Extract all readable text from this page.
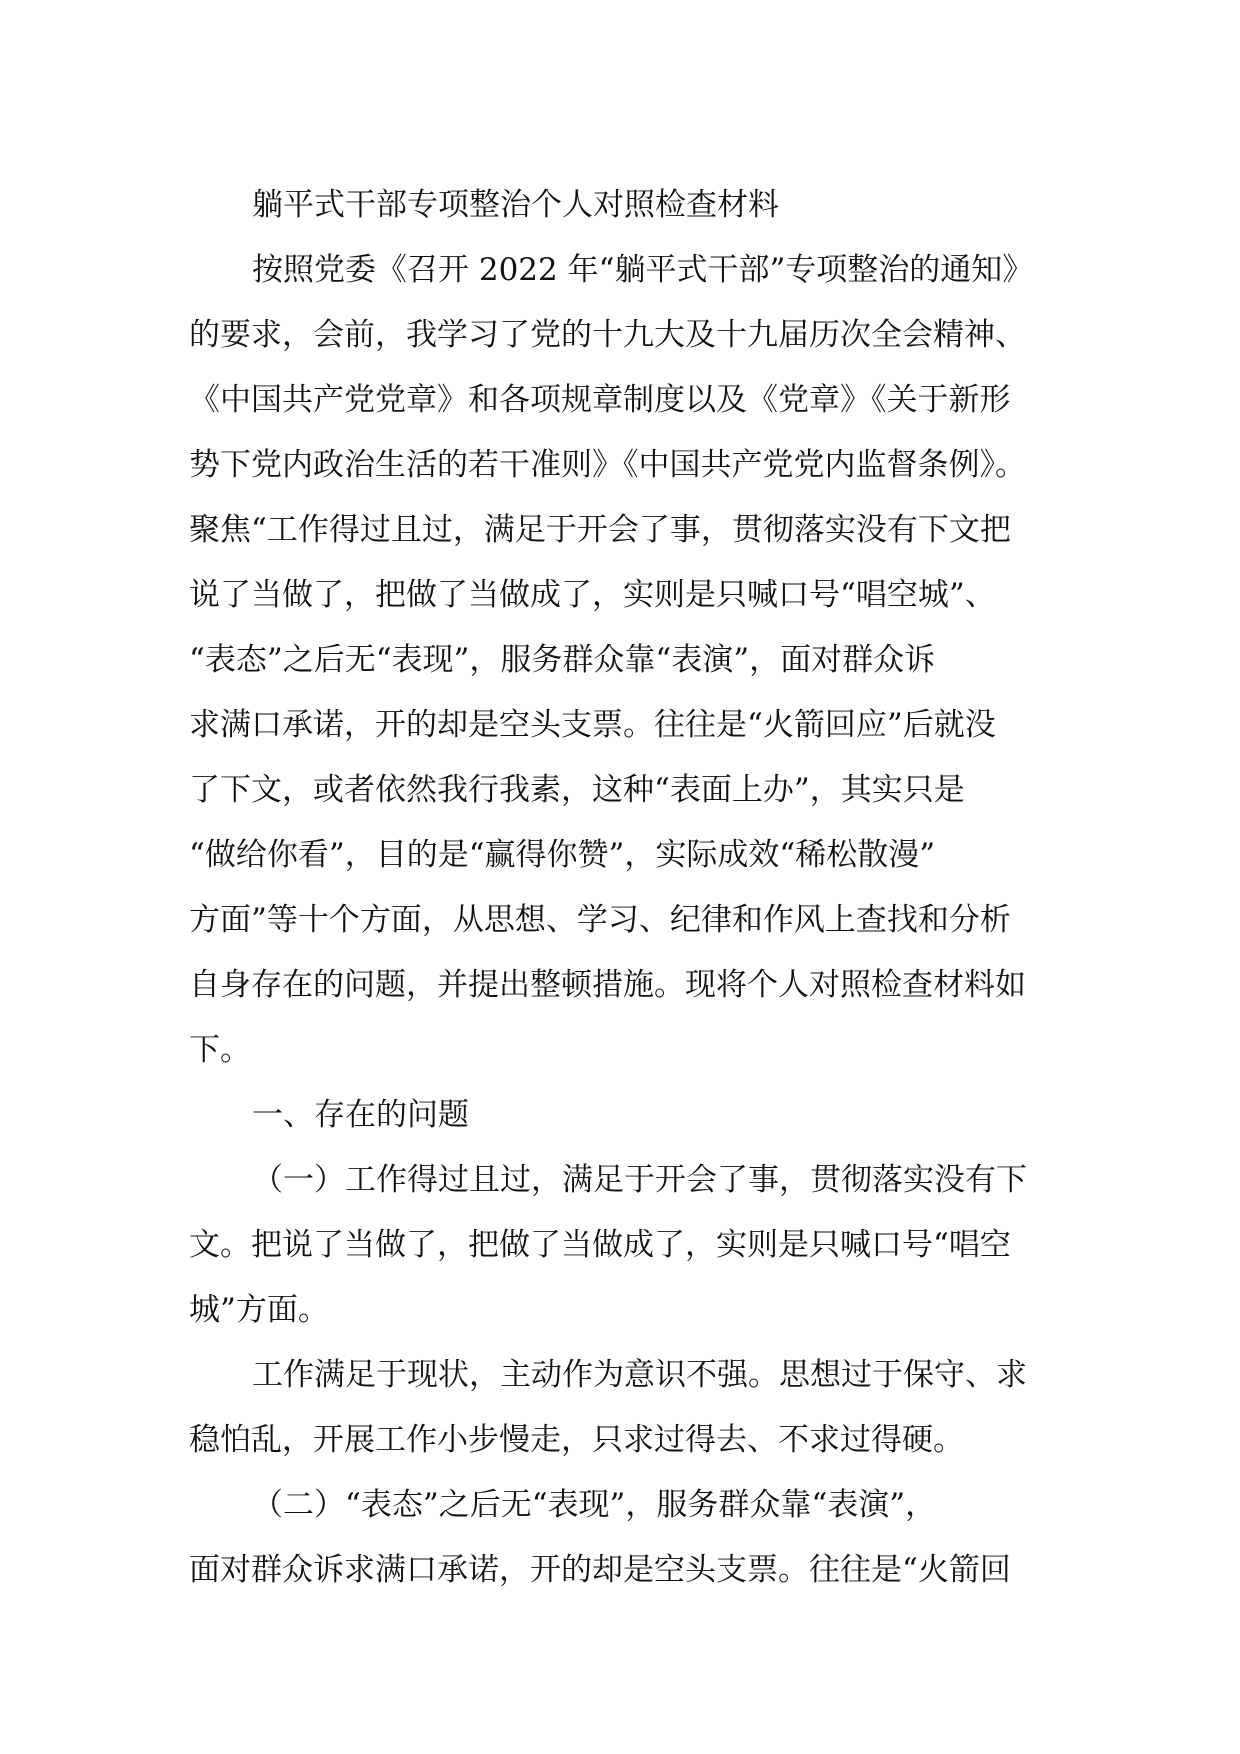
躺平式干部专项整治个人对照检查材料
按照党委《召开 2022 年“躺平式干部”专项整治的通知》
的要求，会前，我学习了党的十九大及十九届历次全会精神、
《中国共产党党章》和各项规章制度以及《党章》《关于新形
势下党内政治生活的若干准则》《中国共产党党内监督条例》。
聚焦“工作得过且过，满足于开会了事，贯彻落实没有下文把
说了当做了，把做了当做成了，实则是只喊口号“唱空城”、
“表态”之后无“表现”，服务群众靠“表演”，面对群众诉
求满口承诺，开的却是空头支票。往往是“火箭回应”后就没
了下文，或者依然我行我素，这种“表面上办”，其实只是
“做给你看”，目的是“赢得你赞”，实际成效“稀松散漫”
方面”等十个方面，从思想、学习、纪律和作风上查找和分析
自身存在的问题，并提出整顿措施。现将个人对照检查材料如
下。
一、存在的问题
（一）工作得过且过，满足于开会了事，贯彻落实没有下
文。把说了当做了，把做了当做成了，实则是只喊口号“唱空
城”方面。
工作满足于现状，主动作为意识不强。思想过于保守、求
稳怕乱，开展工作小步慢走，只求过得去、不求过得硬。
（二）“表态”之后无“表现”，服务群众靠“表演”，
面对群众诉求满口承诺，开的却是空头支票。往往是“火箭回
